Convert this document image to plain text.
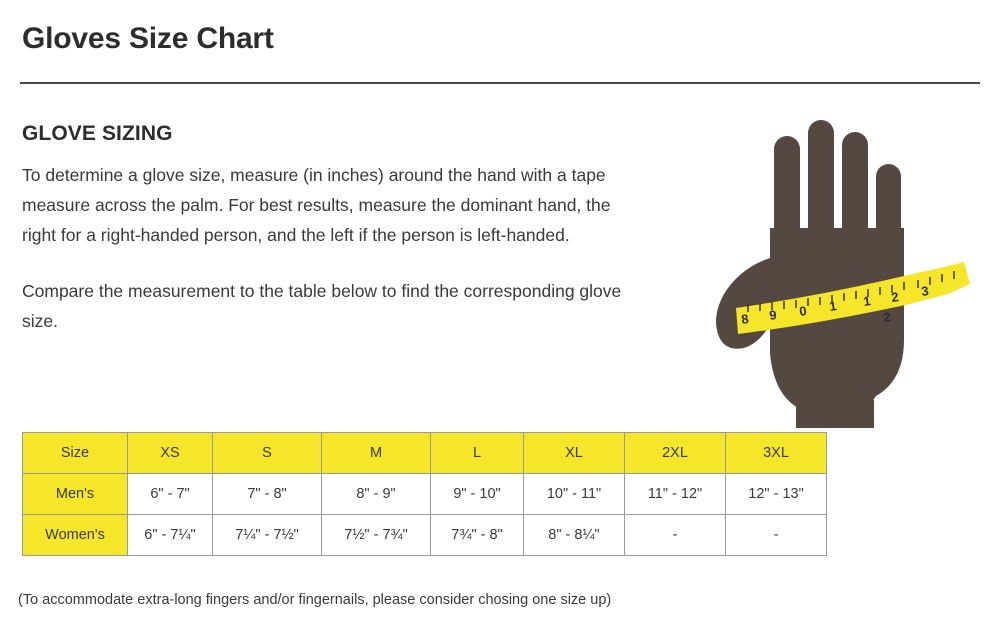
Gloves Size Chart
GLOVE SIZING

To determine a glove size, measure (in inches) around the hand with a tape measure across the palm. For best results, measure the dominant hand, the right for a right-handed person, and the left if the person is left-handed.

Compare the measurement to the table below to find the corresponding glove size.	8 9 0 1 1 2 3
2
Size	XS	S	M	L	XL	2XL	3XL
Men's	6" - 7"	7" - 8"	8" - 9"	9" - 10"	10" - 11"	11" - 12"	12" - 13"
Women's	6" - 7¼"	7¼" - 7½"	7½" - 7¾"	7¾" - 8"	8" - 8¼"	-	-
(To accommodate extra-long fingers and/or fingernails, please consider chosing one size up)
